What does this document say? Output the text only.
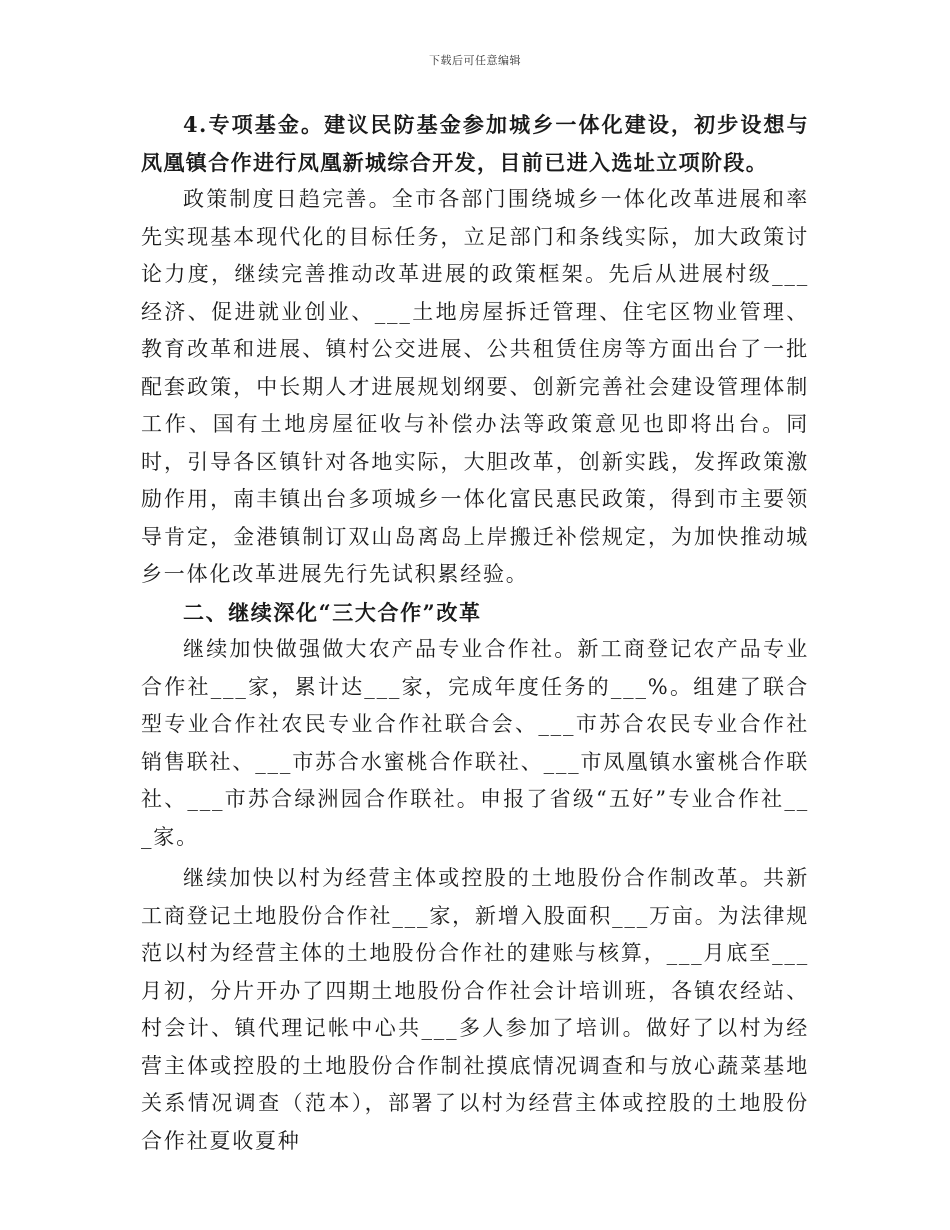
下载后可任意编辑

4.专项基金。建议民防基金参加城乡一体化建设，初步设想与凤凰镇合作进行凤凰新城综合开发，目前已进入选址立项阶段。

政策制度日趋完善。全市各部门围绕城乡一体化改革进展和率先实现基本现代化的目标任务，立足部门和条线实际，加大政策讨论力度，继续完善推动改革进展的政策框架。先后从进展村级___经济、促进就业创业、___土地房屋拆迁管理、住宅区物业管理、教育改革和进展、镇村公交进展、公共租赁住房等方面出台了一批配套政策，中长期人才进展规划纲要、创新完善社会建设管理体制工作、国有土地房屋征收与补偿办法等政策意见也即将出台。同时，引导各区镇针对各地实际，大胆改革，创新实践，发挥政策激励作用，南丰镇出台多项城乡一体化富民惠民政策，得到市主要领导肯定，金港镇制订双山岛离岛上岸搬迁补偿规定，为加快推动城乡一体化改革进展先行先试积累经验。

二、继续深化“三大合作”改革

继续加快做强做大农产品专业合作社。新工商登记农产品专业合作社___家，累计达___家，完成年度任务的___%。组建了联合型专业合作社农民专业合作社联合会、___市苏合农民专业合作社销售联社、___市苏合水蜜桃合作联社、___市凤凰镇水蜜桃合作联社、___市苏合绿洲园合作联社。申报了省级“五好”专业合作社___家。

继续加快以村为经营主体或控股的土地股份合作制改革。共新工商登记土地股份合作社___家，新增入股面积___万亩。为法律规范以村为经营主体的土地股份合作社的建账与核算，___月底至___月初，分片开办了四期土地股份合作社会计培训班，各镇农经站、村会计、镇代理记帐中心共___多人参加了培训。做好了以村为经营主体或控股的土地股份合作制社摸底情况调查和与放心蔬菜基地关系情况调查（范本），部署了以村为经营主体或控股的土地股份合作社夏收夏种
